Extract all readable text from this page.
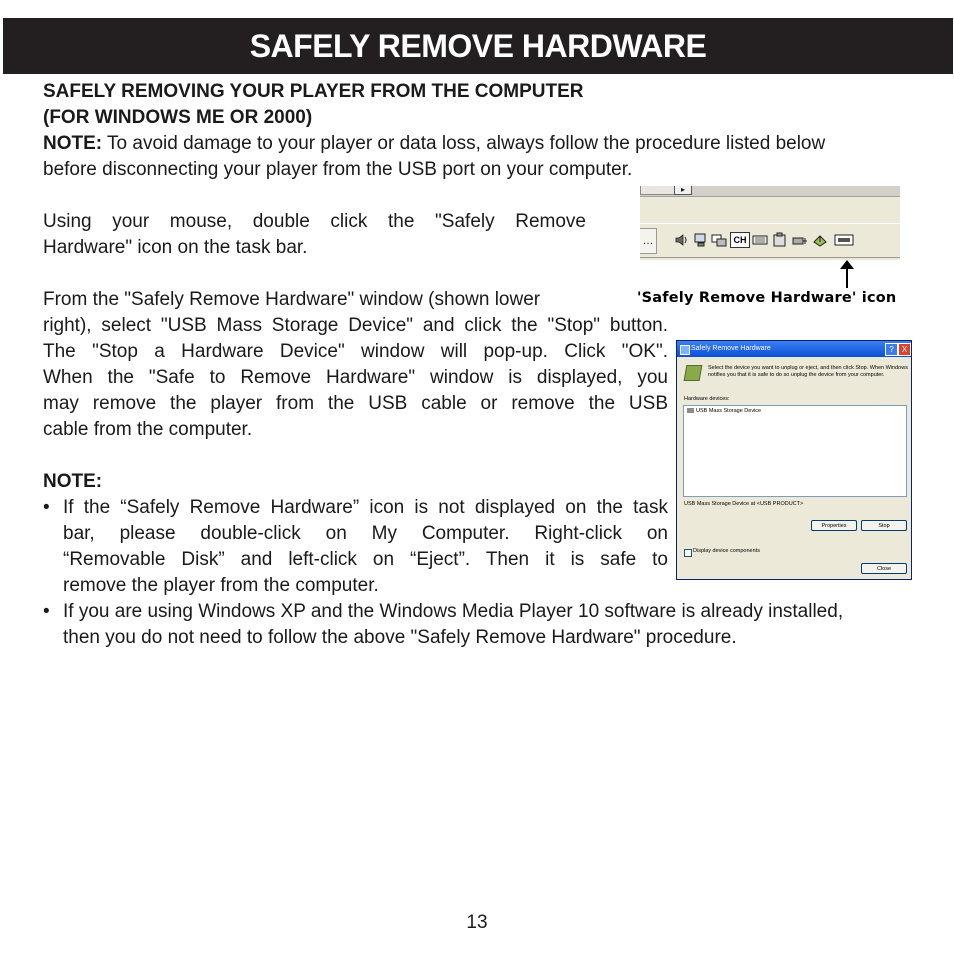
SAFELY REMOVE HARDWARE
SAFELY REMOVING YOUR PLAYER FROM THE COMPUTER
(FOR WINDOWS ME OR 2000)
NOTE: To avoid damage to your player or data loss, always follow the procedure listed below
before disconnecting your player from the USB port on your computer.
Using your mouse, double click the "Safely Remove
Hardware" icon on the task bar.
From the "Safely Remove Hardware" window (shown lower
right), select "USB Mass Storage Device" and click the "Stop" button.
The "Stop a Hardware Device" window will pop-up. Click "OK".
When the "Safe to Remove Hardware" window is displayed, you
may remove the player from the USB cable or remove the USB
cable from the computer.
NOTE:
• If the “Safely Remove Hardware” icon is not displayed on the task
bar, please double-click on My Computer. Right-click on
“Removable Disk” and left-click on “Eject”. Then it is safe to
remove the player from the computer.
• If you are using Windows XP and the Windows Media Player 10 software is already installed,
then you do not need to follow the above "Safely Remove Hardware" procedure.
▸
…	CH
'Safely Remove Hardware' icon
Safely Remove Hardware	?	X
Select the device you want to unplug or eject, and then click Stop. When Windows notifies you that it is safe to do so unplug the device from your computer.
Hardware devices:
USB Mass Storage Device
USB Mass Storage Device at <USB PRODUCT>
Properties	Stop
Display device components
Close
13
